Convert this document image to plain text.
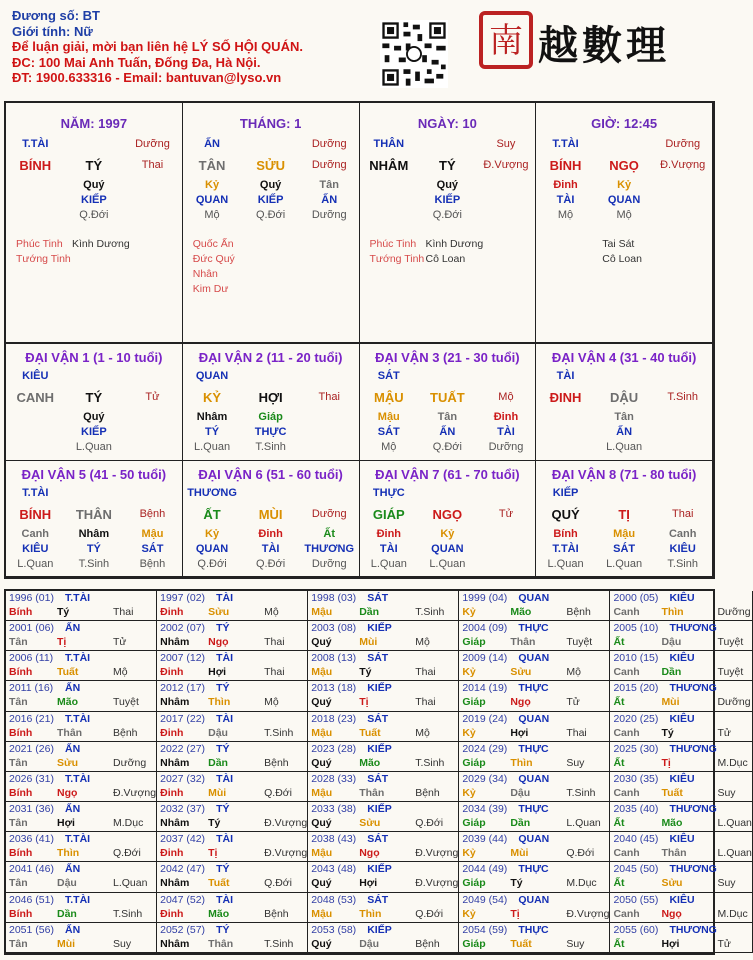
Đương số: BT
Giới tính: Nữ
Để luận giải, mời bạn liên hệ LÝ SỐ HỘI QUÁN.
ĐC: 100 Mai Anh Tuấn, Đống Đa, Hà Nội.
ĐT: 1900.633316 - Email: bantuvan@lyso.vn
南 越數理
NĂM: 1997
T.TÀI	Dưỡng
BÍNH	TÝ	Thai
Quý
KIẾP
Q.Đới
Phúc Tinh Kình Dương
Tướng Tinh
THÁNG: 1
ẤN	Dưỡng
TÂN	SỬU	Dưỡng
Kỷ	Quý	Tân
QUAN	KIẾP	ẤN
Mộ	Q.Đới	Dưỡng
Quốc Ấn
Đức Quý Nhân
Kim Dư
NGÀY: 10
THÂN	Suy
NHÂM	TÝ	Đ.Vượng
Quý
KIẾP
Q.Đới
Phúc Tinh Kình Dương
Tướng Tinh Cô Loan
GIỜ: 12:45
T.TÀI	Dưỡng
BÍNH	NGỌ	Đ.Vượng
Đinh	Kỷ
TÀI	QUAN
Mộ	Mộ
Tai Sát
Cô Loan
ĐẠI VẬN 1 (1 - 10 tuổi)
KIÊU
CANH	TÝ	Tử
Quý
KIẾP
L.Quan
ĐẠI VẬN 2 (11 - 20 tuổi)
QUAN
KỶ	HỢI	Thai
Nhâm	Giáp
TÝ	THỰC
L.Quan	T.Sinh
ĐẠI VẬN 3 (21 - 30 tuổi)
SÁT
MẬU	TUẤT	Mộ
Mậu	Tân	Đinh
SÁT	ẤN	TÀI
Mộ	Q.Đới	Dưỡng
ĐẠI VẬN 4 (31 - 40 tuổi)
TÀI
ĐINH	DẬU	T.Sinh
Tân
ẤN
L.Quan
ĐẠI VẬN 5 (41 - 50 tuổi)
T.TÀI
BÍNH	THÂN	Bệnh
Canh	Nhâm	Mậu
KIÊU	TÝ	SÁT
L.Quan	T.Sinh	Bệnh
ĐẠI VẬN 6 (51 - 60 tuổi)
THƯƠNG
ẤT	MÙI	Dưỡng
Kỷ	Đinh	Ất
QUAN	TÀI	THƯƠNG
Q.Đới	Q.Đới	Dưỡng
ĐẠI VẬN 7 (61 - 70 tuổi)
THỰC
GIÁP	NGỌ	Tử
Đinh	Kỷ
TÀI	QUAN
L.Quan	L.Quan
ĐẠI VẬN 8 (71 - 80 tuổi)
KIẾP
QUÝ	TỊ	Thai
Bính	Mậu	Canh
T.TÀI	SÁT	KIÊU
L.Quan	L.Quan	T.Sinh
1996 (01)	T.TÀI
Bính	Tý	Thai
1997 (02)	TÀI
Đinh	Sửu	Mộ
1998 (03)	SÁT
Mậu	Dần	T.Sinh
1999 (04)	QUAN
Kỷ	Mão	Bệnh
2000 (05)	KIÊU
Canh	Thìn	Dưỡng
2001 (06)	ẤN
Tân	Tị	Tử
2002 (07)	TÝ
Nhâm	Ngọ	Thai
2003 (08)	KIẾP
Quý	Mùi	Mộ
2004 (09)	THỰC
Giáp	Thân	Tuyệt
2005 (10)	THƯƠNG
Ất	Dậu	Tuyệt
2006 (11)	T.TÀI
Bính	Tuất	Mộ
2007 (12)	TÀI
Đinh	Hợi	Thai
2008 (13)	SÁT
Mậu	Tý	Thai
2009 (14)	QUAN
Kỷ	Sửu	Mộ
2010 (15)	KIÊU
Canh	Dần	Tuyệt
2011 (16)	ẤN
Tân	Mão	Tuyệt
2012 (17)	TÝ
Nhâm	Thìn	Mộ
2013 (18)	KIẾP
Quý	Tị	Thai
2014 (19)	THỰC
Giáp	Ngọ	Tử
2015 (20)	THƯƠNG
Ất	Mùi	Dưỡng
2016 (21)	T.TÀI
Bính	Thân	Bệnh
2017 (22)	TÀI
Đinh	Dậu	T.Sinh
2018 (23)	SÁT
Mậu	Tuất	Mộ
2019 (24)	QUAN
Kỷ	Hợi	Thai
2020 (25)	KIÊU
Canh	Tý	Tử
2021 (26)	ẤN
Tân	Sửu	Dưỡng
2022 (27)	TÝ
Nhâm	Dần	Bệnh
2023 (28)	KIẾP
Quý	Mão	T.Sinh
2024 (29)	THỰC
Giáp	Thìn	Suy
2025 (30)	THƯƠNG
Ất	Tị	M.Dục
2026 (31)	T.TÀI
Bính	Ngọ	Đ.Vượng
2027 (32)	TÀI
Đinh	Mùi	Q.Đới
2028 (33)	SÁT
Mậu	Thân	Bệnh
2029 (34)	QUAN
Kỷ	Dậu	T.Sinh
2030 (35)	KIÊU
Canh	Tuất	Suy
2031 (36)	ẤN
Tân	Hợi	M.Dục
2032 (37)	TÝ
Nhâm	Tý	Đ.Vượng
2033 (38)	KIẾP
Quý	Sửu	Q.Đới
2034 (39)	THỰC
Giáp	Dần	L.Quan
2035 (40)	THƯƠNG
Ất	Mão	L.Quan
2036 (41)	T.TÀI
Bính	Thìn	Q.Đới
2037 (42)	TÀI
Đinh	Tị	Đ.Vượng
2038 (43)	SÁT
Mậu	Ngọ	Đ.Vượng
2039 (44)	QUAN
Kỷ	Mùi	Q.Đới
2040 (45)	KIÊU
Canh	Thân	L.Quan
2041 (46)	ẤN
Tân	Dậu	L.Quan
2042 (47)	TÝ
Nhâm	Tuất	Q.Đới
2043 (48)	KIẾP
Quý	Hợi	Đ.Vượng
2044 (49)	THỰC
Giáp	Tý	M.Dục
2045 (50)	THƯƠNG
Ất	Sửu	Suy
2046 (51)	T.TÀI
Bính	Dần	T.Sinh
2047 (52)	TÀI
Đinh	Mão	Bệnh
2048 (53)	SÁT
Mậu	Thìn	Q.Đới
2049 (54)	QUAN
Kỷ	Tị	Đ.Vượng
2050 (55)	KIÊU
Canh	Ngọ	M.Dục
2051 (56)	ẤN
Tân	Mùi	Suy
2052 (57)	TÝ
Nhâm	Thân	T.Sinh
2053 (58)	KIẾP
Quý	Dậu	Bệnh
2054 (59)	THỰC
Giáp	Tuất	Suy
2055 (60)	THƯƠNG
Ất	Hợi	Tử
